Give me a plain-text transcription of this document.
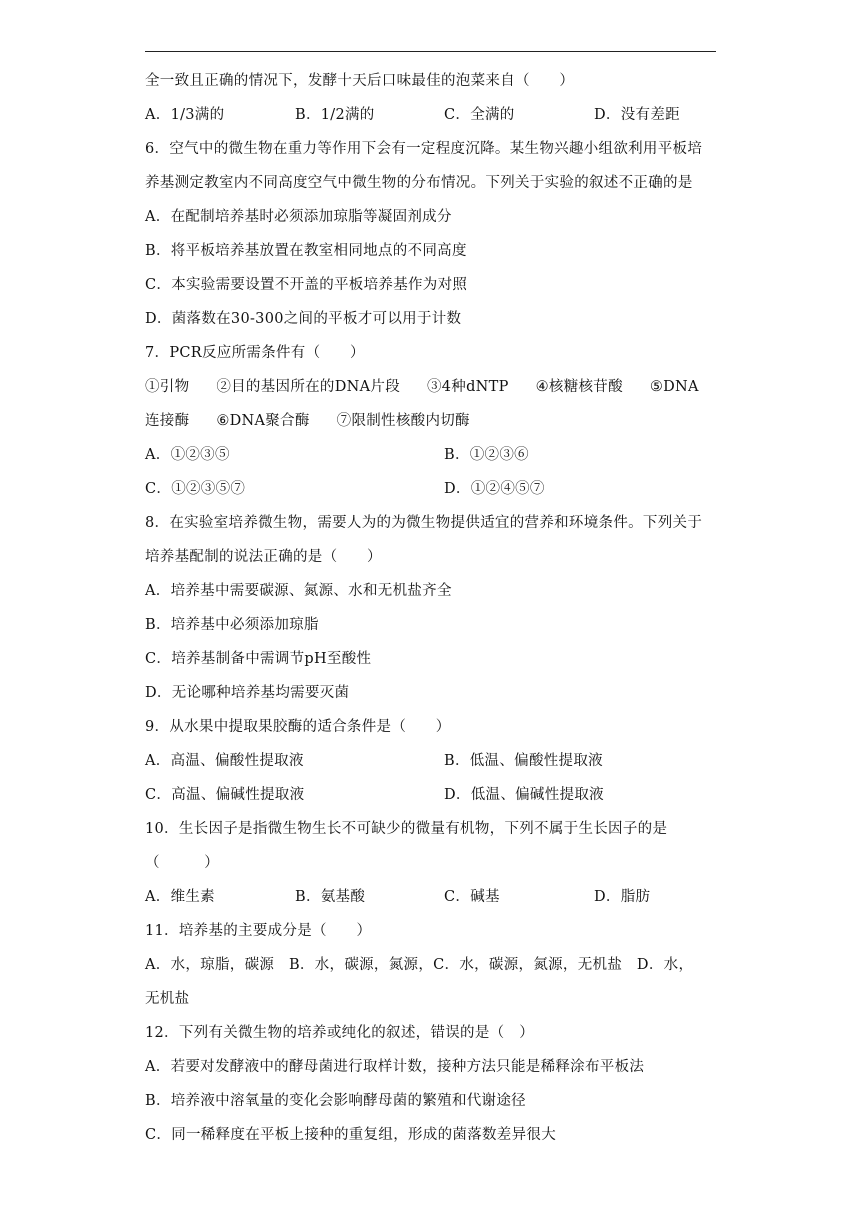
全一致且正确的情况下，发酵十天后口味最佳的泡菜来自（　　）
A．1/3满的	B．1/2满的	C．全满的	D．没有差距
6．空气中的微生物在重力等作用下会有一定程度沉降。某生物兴趣小组欲利用平板培
养基测定教室内不同高度空气中微生物的分布情况。下列关于实验的叙述不正确的是
A．在配制培养基时必须添加琼脂等凝固剂成分
B．将平板培养基放置在教室相同地点的不同高度
C．本实验需要设置不开盖的平板培养基作为对照
D．菌落数在30-300之间的平板才可以用于计数
7．PCR反应所需条件有（　　）
①引物 ②目的基因所在的DNA片段 ③4种dNTP ④核糖核苷酸 ⑤DNA
连接酶 ⑥DNA聚合酶 ⑦限制性核酸内切酶
A．①②③⑤	B．①②③⑥
C．①②③⑤⑦	D．①②④⑤⑦
8．在实验室培养微生物，需要人为的为微生物提供适宜的营养和环境条件。下列关于
培养基配制的说法正确的是（　　）
A．培养基中需要碳源、氮源、水和无机盐齐全
B．培养基中必须添加琼脂
C．培养基制备中需调节pH至酸性
D．无论哪种培养基均需要灭菌
9．从水果中提取果胶酶的适合条件是（　　）
A．高温、偏酸性提取液	B．低温、偏酸性提取液
C．高温、偏碱性提取液	D．低温、偏碱性提取液
10．生长因子是指微生物生长不可缺少的微量有机物，下列不属于生长因子的是
（　　　）
A．维生素	B．氨基酸	C．碱基	D．脂肪
11．培养基的主要成分是（　　）
A．水，琼脂，碳源　B．水，碳源，氮源，C．水，碳源，氮源，无机盐　D．水，
无机盐
12．下列有关微生物的培养或纯化的叙述，错误的是（　）
A．若要对发酵液中的酵母菌进行取样计数，接种方法只能是稀释涂布平板法
B．培养液中溶氧量的变化会影响酵母菌的繁殖和代谢途径
C．同一稀释度在平板上接种的重复组，形成的菌落数差异很大
